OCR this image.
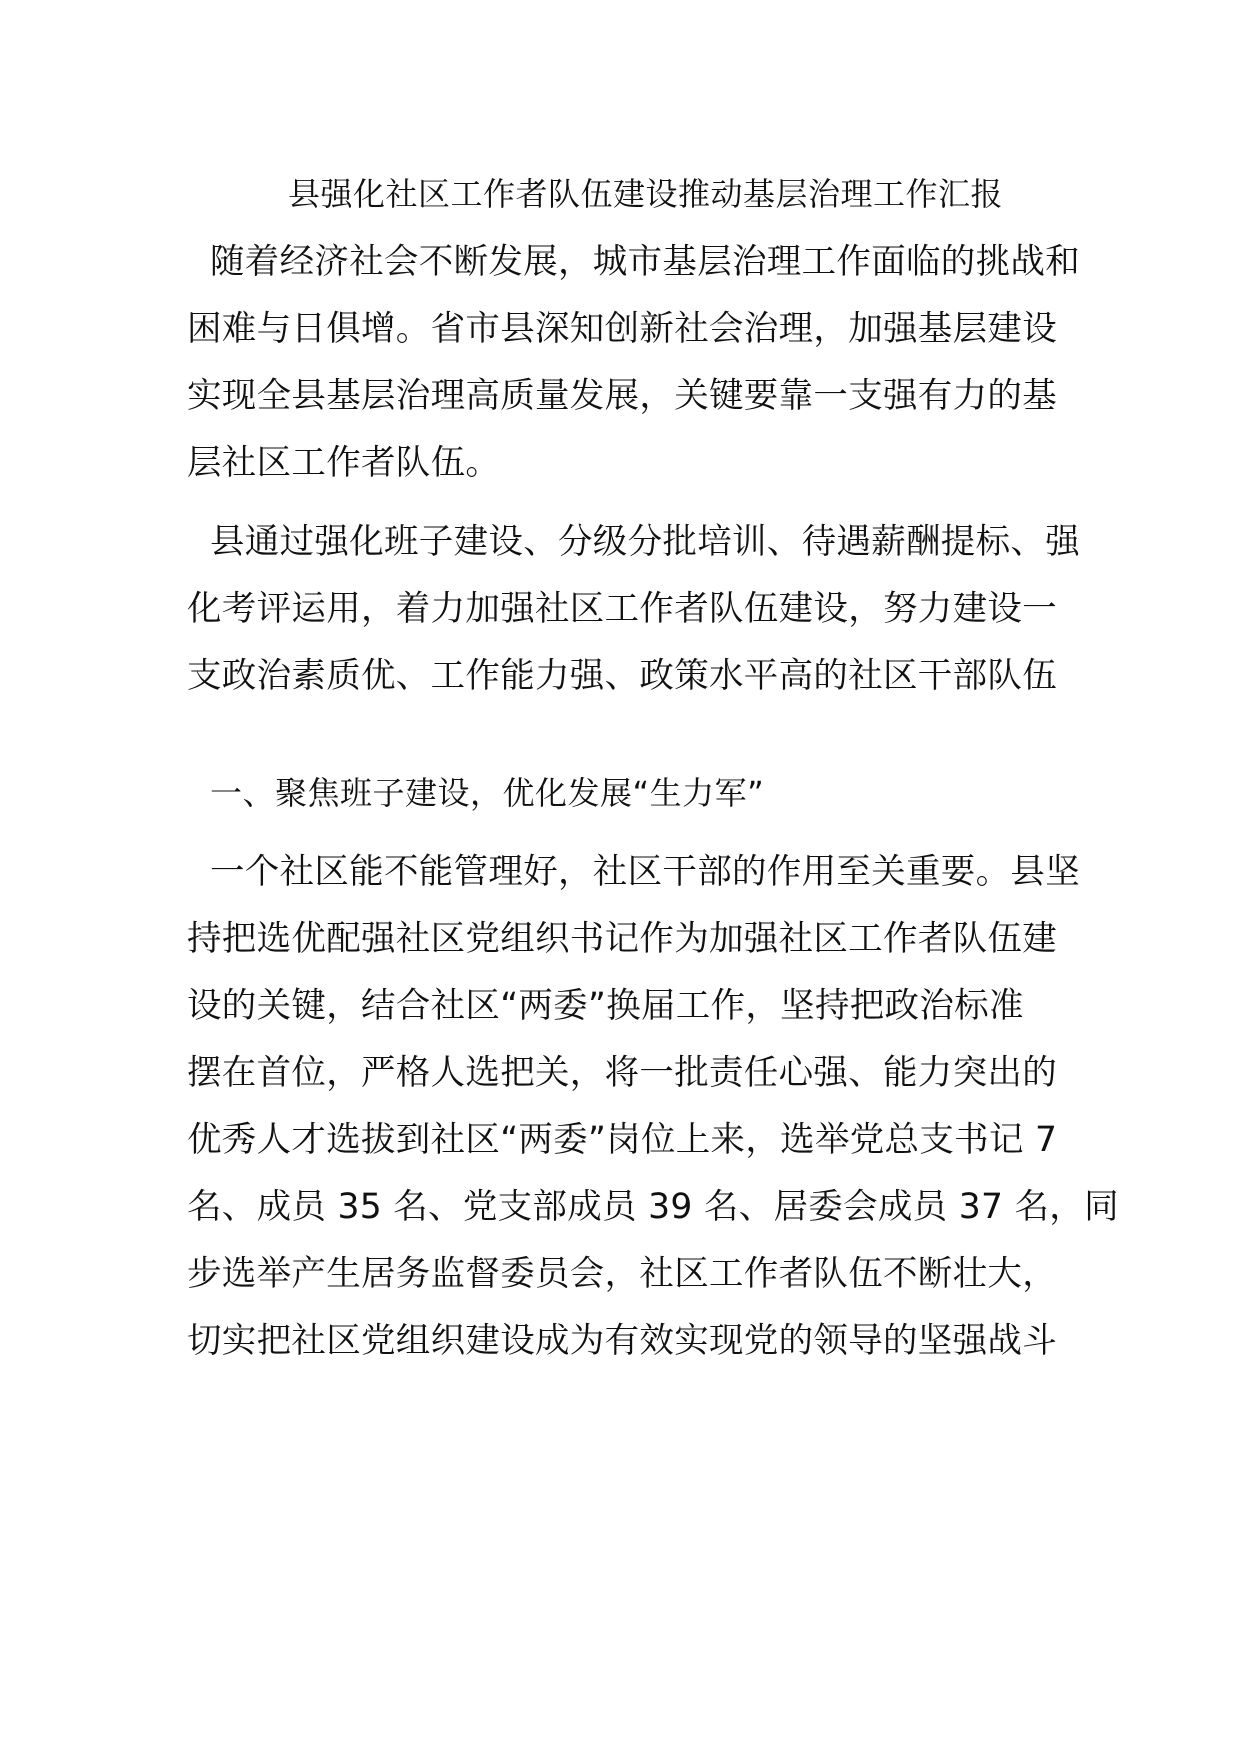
县强化社区工作者队伍建设推动基层治理工作汇报
随着经济社会不断发展，城市基层治理工作面临的挑战和
困难与日俱增。省市县深知创新社会治理，加强基层建设
实现全县基层治理高质量发展，关键要靠一支强有力的基
层社区工作者队伍。
县通过强化班子建设、分级分批培训、待遇薪酬提标、强
化考评运用，着力加强社区工作者队伍建设，努力建设一
支政治素质优、工作能力强、政策水平高的社区干部队伍
一、聚焦班子建设，优化发展“生力军”
一个社区能不能管理好，社区干部的作用至关重要。县坚
持把选优配强社区党组织书记作为加强社区工作者队伍建
设的关键，结合社区“两委”换届工作，坚持把政治标准
摆在首位，严格人选把关，将一批责任心强、能力突出的
优秀人才选拔到社区“两委”岗位上来，选举党总支书记 7
名、成员 35 名、党支部成员 39 名、居委会成员 37 名，同
步选举产生居务监督委员会，社区工作者队伍不断壮大，
切实把社区党组织建设成为有效实现党的领导的坚强战斗
